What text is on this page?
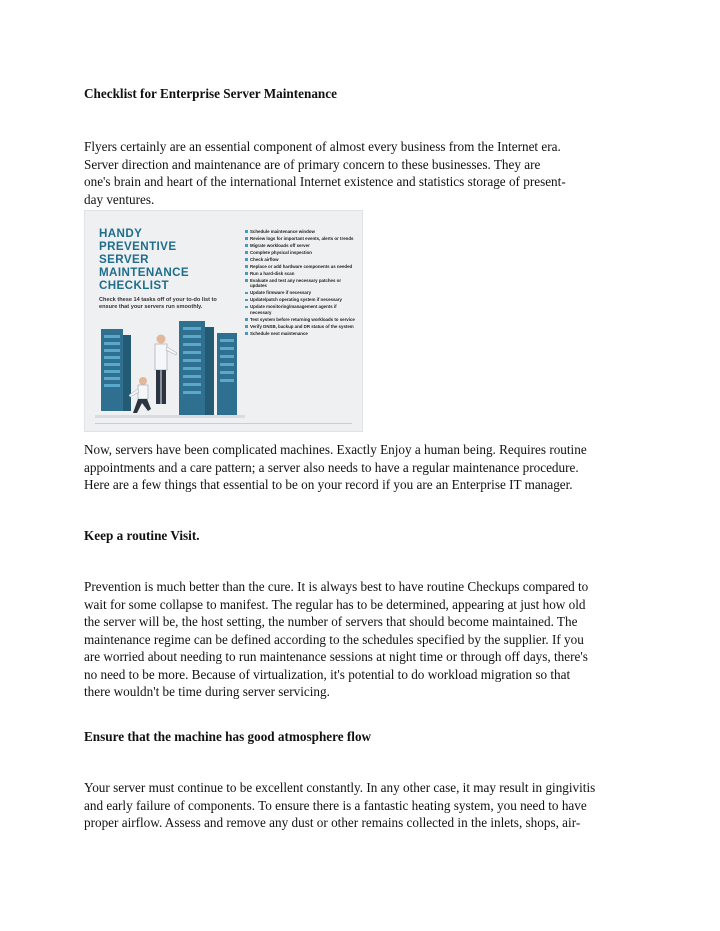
Checklist for Enterprise Server Maintenance
Flyers certainly are an essential component of almost every business from the Internet era.
Server direction and maintenance are of primary concern to these businesses. They are
one's brain and heart of the international Internet existence and statistics storage of present-
day ventures.
HANDY
PREVENTIVE
SERVER
MAINTENANCE
CHECKLIST
Check these 14 tasks off of your to-do list to ensure that your servers run smoothly.
Schedule maintenance window
Review logs for important events, alerts or trends
Migrate workloads off server
Complete physical inspection
Check airflow
Replace or add hardware components as needed
Run a hard-disk scan
Evaluate and test any necessary patches or updates
Update firmware if necessary
Update/patch operating system if necessary
Update monitoring/management agents if necessary
Test system before returning workloads to service
Verify DNSB, backup and DR status of the system
Schedule next maintenance
Now, servers have been complicated machines. Exactly Enjoy a human being. Requires routine
appointments and a care pattern; a server also needs to have a regular maintenance procedure.
Here are a few things that essential to be on your record if you are an Enterprise IT manager.
Keep a routine Visit.
Prevention is much better than the cure. It is always best to have routine Checkups compared to
wait for some collapse to manifest. The regular has to be determined, appearing at just how old
the server will be, the host setting, the number of servers that should become maintained. The
maintenance regime can be defined according to the schedules specified by the supplier. If you
are worried about needing to run maintenance sessions at night time or through off days, there's
no need to be more. Because of virtualization, it's potential to do workload migration so that
there wouldn't be time during server servicing.
Ensure that the machine has good atmosphere flow
Your server must continue to be excellent constantly. In any other case, it may result in gingivitis
and early failure of components. To ensure there is a fantastic heating system, you need to have
proper airflow. Assess and remove any dust or other remains collected in the inlets, shops, air-
